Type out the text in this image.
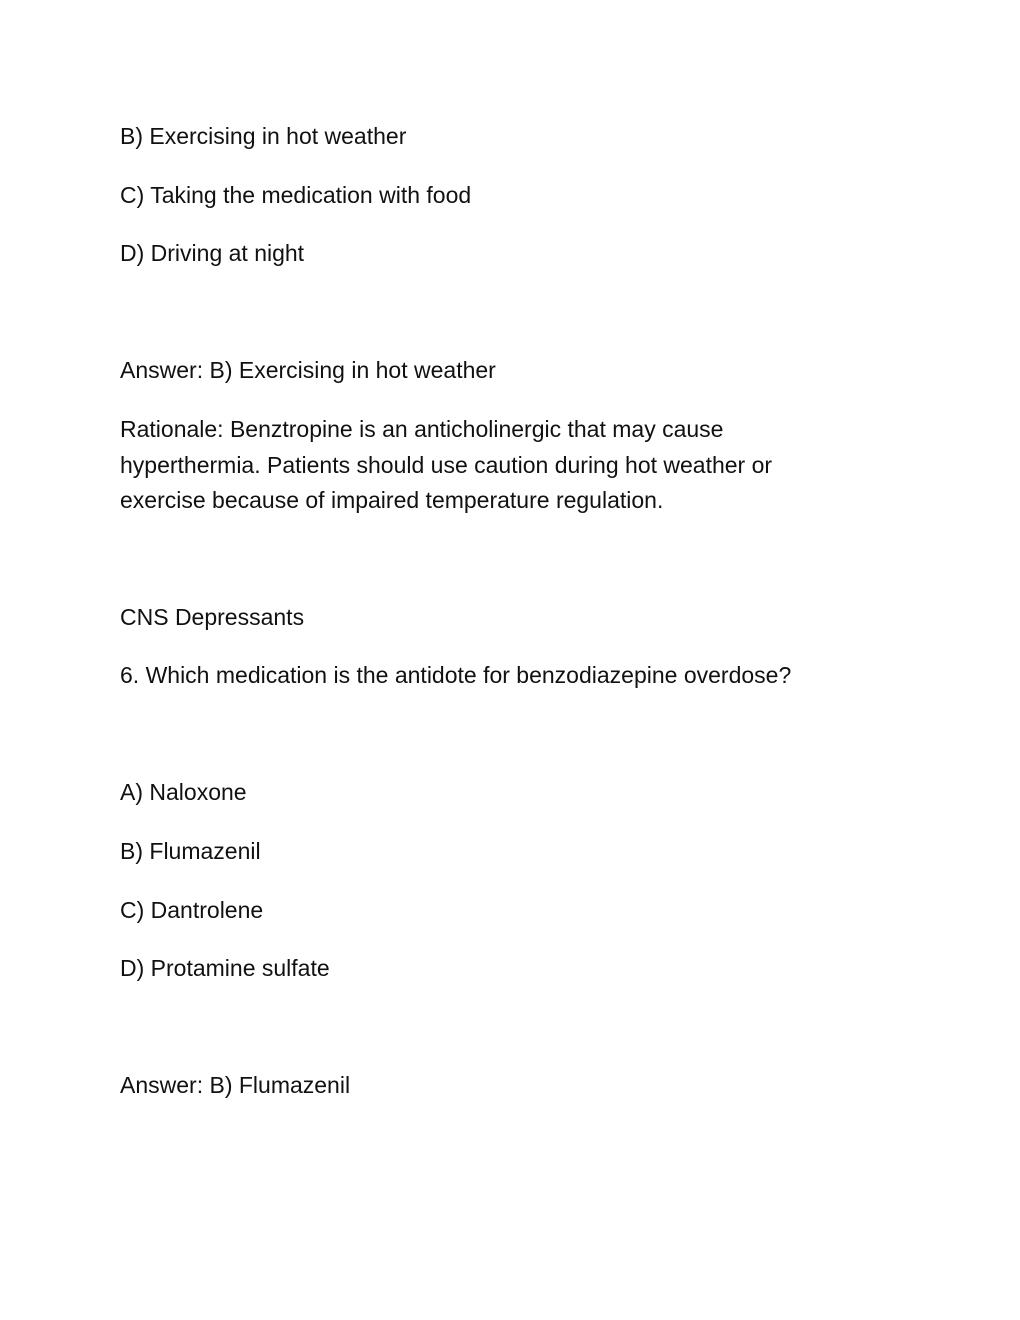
B) Exercising in hot weather

C) Taking the medication with food

D) Driving at night

Answer: B) Exercising in hot weather

Rationale: Benztropine is an anticholinergic that may cause hyperthermia. Patients should use caution during hot weather or exercise because of impaired temperature regulation.

CNS Depressants

6. Which medication is the antidote for benzodiazepine overdose?

A) Naloxone

B) Flumazenil

C) Dantrolene

D) Protamine sulfate

Answer: B) Flumazenil
